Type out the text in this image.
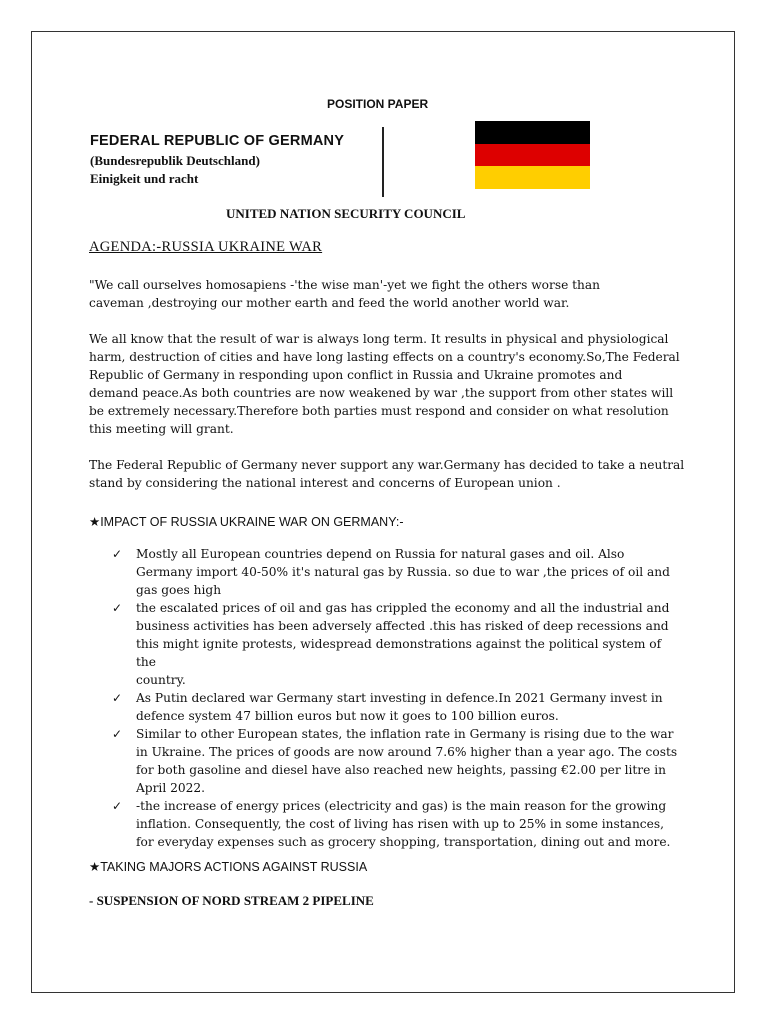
POSITION PAPER
FEDERAL REPUBLIC OF GERMANY
(Bundesrepublik Deutschland)
Einigkeit und racht
UNITED NATION SECURITY COUNCIL
AGENDA:-RUSSIA UKRAINE WAR

"We call ourselves homosapiens -'the wise man'-yet we fight the others worse than

caveman ,destroying our mother earth and feed the world another world war.

We all know that the result of war is always long term. It results in physical and physiological

harm, destruction of cities and have long lasting effects on a country's economy.So,The Federal

Republic of Germany in responding upon conflict in Russia and Ukraine promotes and

demand peace.As both countries are now weakened by war ,the support from other states will

be extremely necessary.Therefore both parties must respond and consider on what resolution

this meeting will grant.

The Federal Republic of Germany never support any war.Germany has decided to take a neutral

stand by considering the national interest and concerns of European union .

★IMPACT OF RUSSIA UKRAINE WAR ON GERMANY:-
✓ Mostly all European countries depend on Russia for natural gases and oil. Also
Germany import 40-50% it's natural gas by Russia. so due to war ,the prices of oil and
gas goes high
✓ the escalated prices of oil and gas has crippled the economy and all the industrial and
business activities has been adversely affected .this has risked of deep recessions and
this might ignite protests, widespread demonstrations against the political system of the
country.
✓ As Putin declared war Germany start investing in defence.In 2021 Germany invest in
defence system 47 billion euros but now it goes to 100 billion euros.
✓ Similar to other European states, the inflation rate in Germany is rising due to the war
in Ukraine. The prices of goods are now around 7.6% higher than a year ago. The costs
for both gasoline and diesel have also reached new heights, passing €2.00 per litre in
April 2022.
✓ -the increase of energy prices (electricity and gas) is the main reason for the growing
inflation. Consequently, the cost of living has risen with up to 25% in some instances,
for everyday expenses such as grocery shopping, transportation, dining out and more.
★TAKING MAJORS ACTIONS AGAINST RUSSIA
- SUSPENSION OF NORD STREAM 2 PIPELINE
